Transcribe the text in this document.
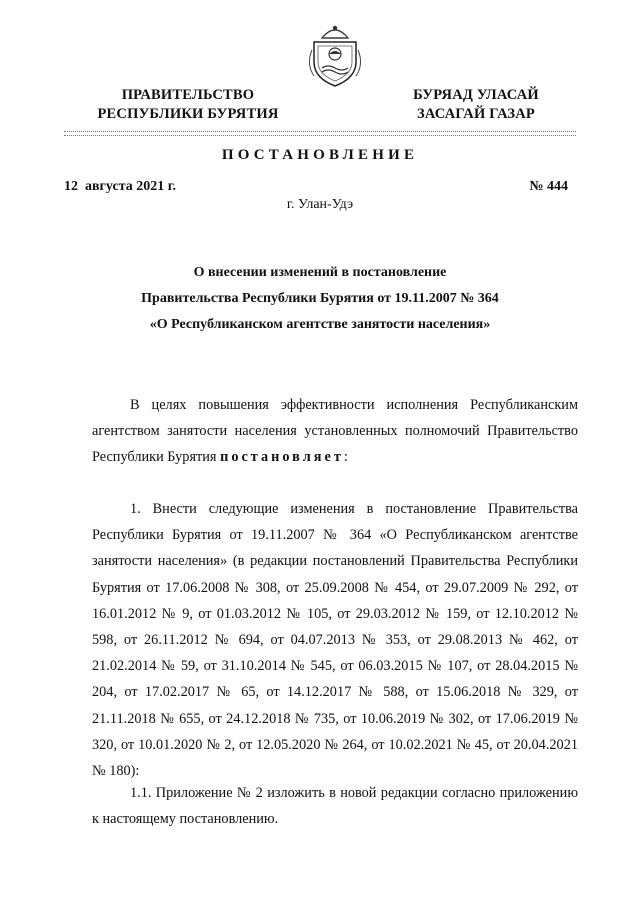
ПРАВИТЕЛЬСТВО
РЕСПУБЛИКИ БУРЯТИЯ
БУРЯАД УЛАСАЙ
ЗАСАГАЙ ГАЗАР
ПОСТАНОВЛЕНИЕ
12  августа 2021 г.	№ 444
г. Улан-Удэ
О внесении изменений в постановление
Правительства Республики Бурятия от 19.11.2007 № 364
«О Республиканском агентстве занятости населения»

В целях повышения эффективности исполнения Республиканским агентством занятости населения установленных полномочий Правительство Республики Бурятия постановляет:

1. Внести следующие изменения в постановление Правительства Республики Бурятия от 19.11.2007 № 364 «О Республиканском агентстве занятости населения» (в редакции постановлений Правительства Республики Бурятия от 17.06.2008 № 308, от 25.09.2008 № 454, от 29.07.2009 № 292, от 16.01.2012 № 9, от 01.03.2012 № 105, от 29.03.2012 № 159, от 12.10.2012 № 598, от 26.11.2012 № 694, от 04.07.2013 № 353, от 29.08.2013 № 462, от 21.02.2014 № 59, от 31.10.2014 № 545, от 06.03.2015 № 107, от 28.04.2015 № 204, от 17.02.2017 № 65, от 14.12.2017 № 588, от 15.06.2018 № 329, от 21.11.2018 № 655, от 24.12.2018 № 735, от 10.06.2019 № 302, от 17.06.2019 № 320, от 10.01.2020 № 2, от 12.05.2020 № 264, от 10.02.2021 № 45, от 20.04.2021 № 180):

1.1. Приложение № 2 изложить в новой редакции согласно приложению к настоящему постановлению.
